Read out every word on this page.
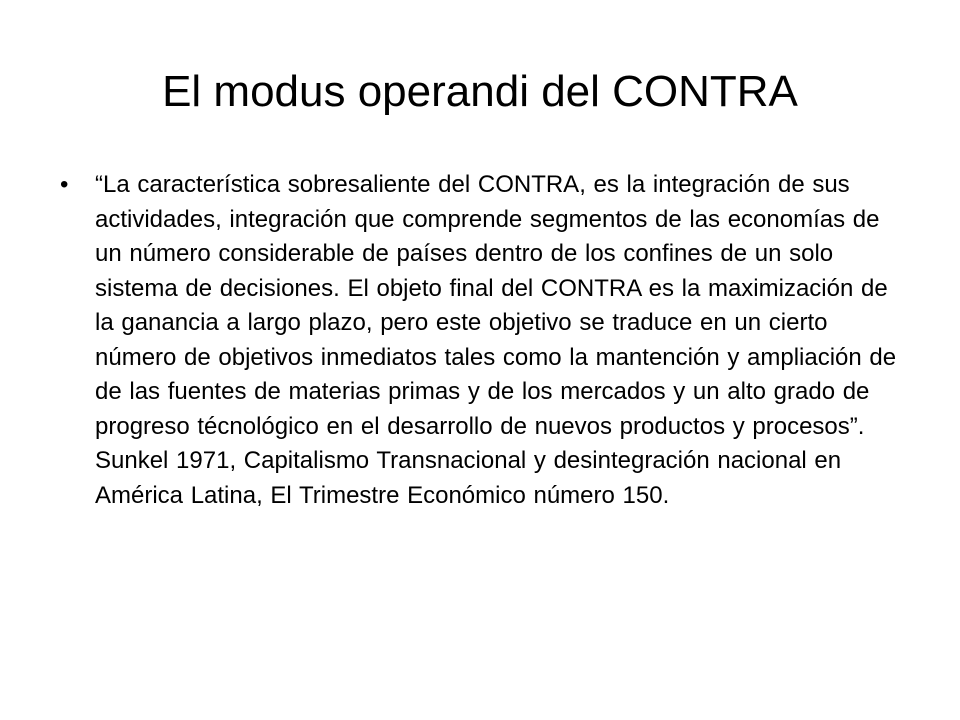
El modus operandi del CONTRA
• “La característica sobresaliente del CONTRA, es la integración de sus actividades, integración que comprende segmentos de las economías de un número considerable de países dentro de los confines de un solo sistema de decisiones. El objeto final del CONTRA es la maximización de la ganancia a largo plazo, pero este objetivo se traduce en un cierto número de objetivos inmediatos tales como la mantención y ampliación de de las fuentes de materias primas y de los mercados y un alto grado de progreso técnológico en el desarrollo de nuevos productos y procesos”. Sunkel 1971, Capitalismo Transnacional y desintegración nacional en América Latina, El Trimestre Económico número 150.
